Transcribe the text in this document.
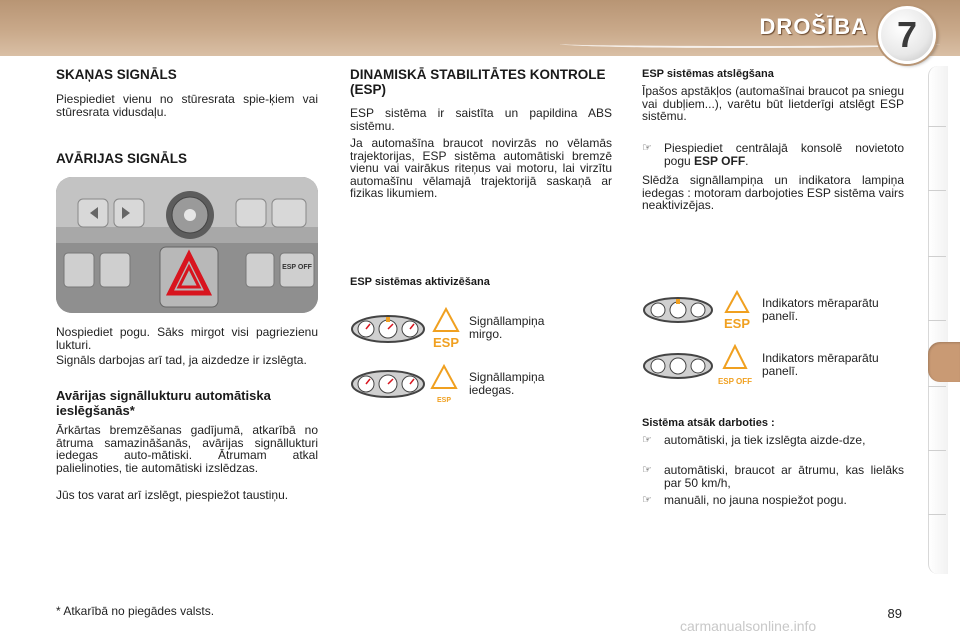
DROŠĪBA 7
SKAŅAS SIGNĀLS
Piespiediet vienu no stūresrata spie-ķiem vai stūresrata vidusdaļu.
AVĀRIJAS SIGNĀLS
ESP OFF
Nospiediet pogu. Sāks mirgot visi pagriezienu lukturi.
Signāls darbojas arī tad, ja aizdedze ir izslēgta.
Avārijas signāllukturu automātiska ieslēgšanās*
Ārkārtas bremzēšanas gadījumā, atkarībā no ātruma samazināšanās, avārijas signāllukturi iedegas auto-mātiski. Ātrumam atkal palielinoties, tie automātiski izslēdzas.
Jūs tos varat arī izslēgt, piespiežot taustiņu.
* Atkarībā no piegādes valsts.
DINAMISKĀ STABILITĀTES KONTROLE (ESP)
ESP sistēma ir saistīta un papildina ABS sistēmu.
Ja automašīna braucot novirzās no vēlamās trajektorijas, ESP sistēma automātiski bremzē vienu vai vairākus riteņus vai motoru, lai virzītu automašīnu vēlamajā trajektorijā saskaņā ar fizikas likumiem.
ESP sistēmas aktivizēšana
ESP
Signāllampiņa mirgo.
ESP
Signāllampiņa iedegas.
ESP sistēmas atslēgšana
Īpašos apstākļos (automašīnai braucot pa sniegu vai dubļiem...), varētu būt lietderīgi atslēgt ESP sistēmu.
☞ Piespiediet centrālajā konsolē novietoto pogu ESP OFF.
Slēdža signāllampiņa un indikatora lampiņa iedegas : motoram darbojoties ESP sistēma vairs neaktivizējas.
ESP
Indikators mēraparātu panelī.
ESP OFF
Indikators mēraparātu panelī.
Sistēma atsāk darboties :
☞ automātiski, ja tiek izslēgta aizde-dze,
☞ automātiski, braucot ar ātrumu, kas lielāks par 50 km/h,
☞ manuāli, no jauna nospiežot pogu.
89
carmanualsonline.info
